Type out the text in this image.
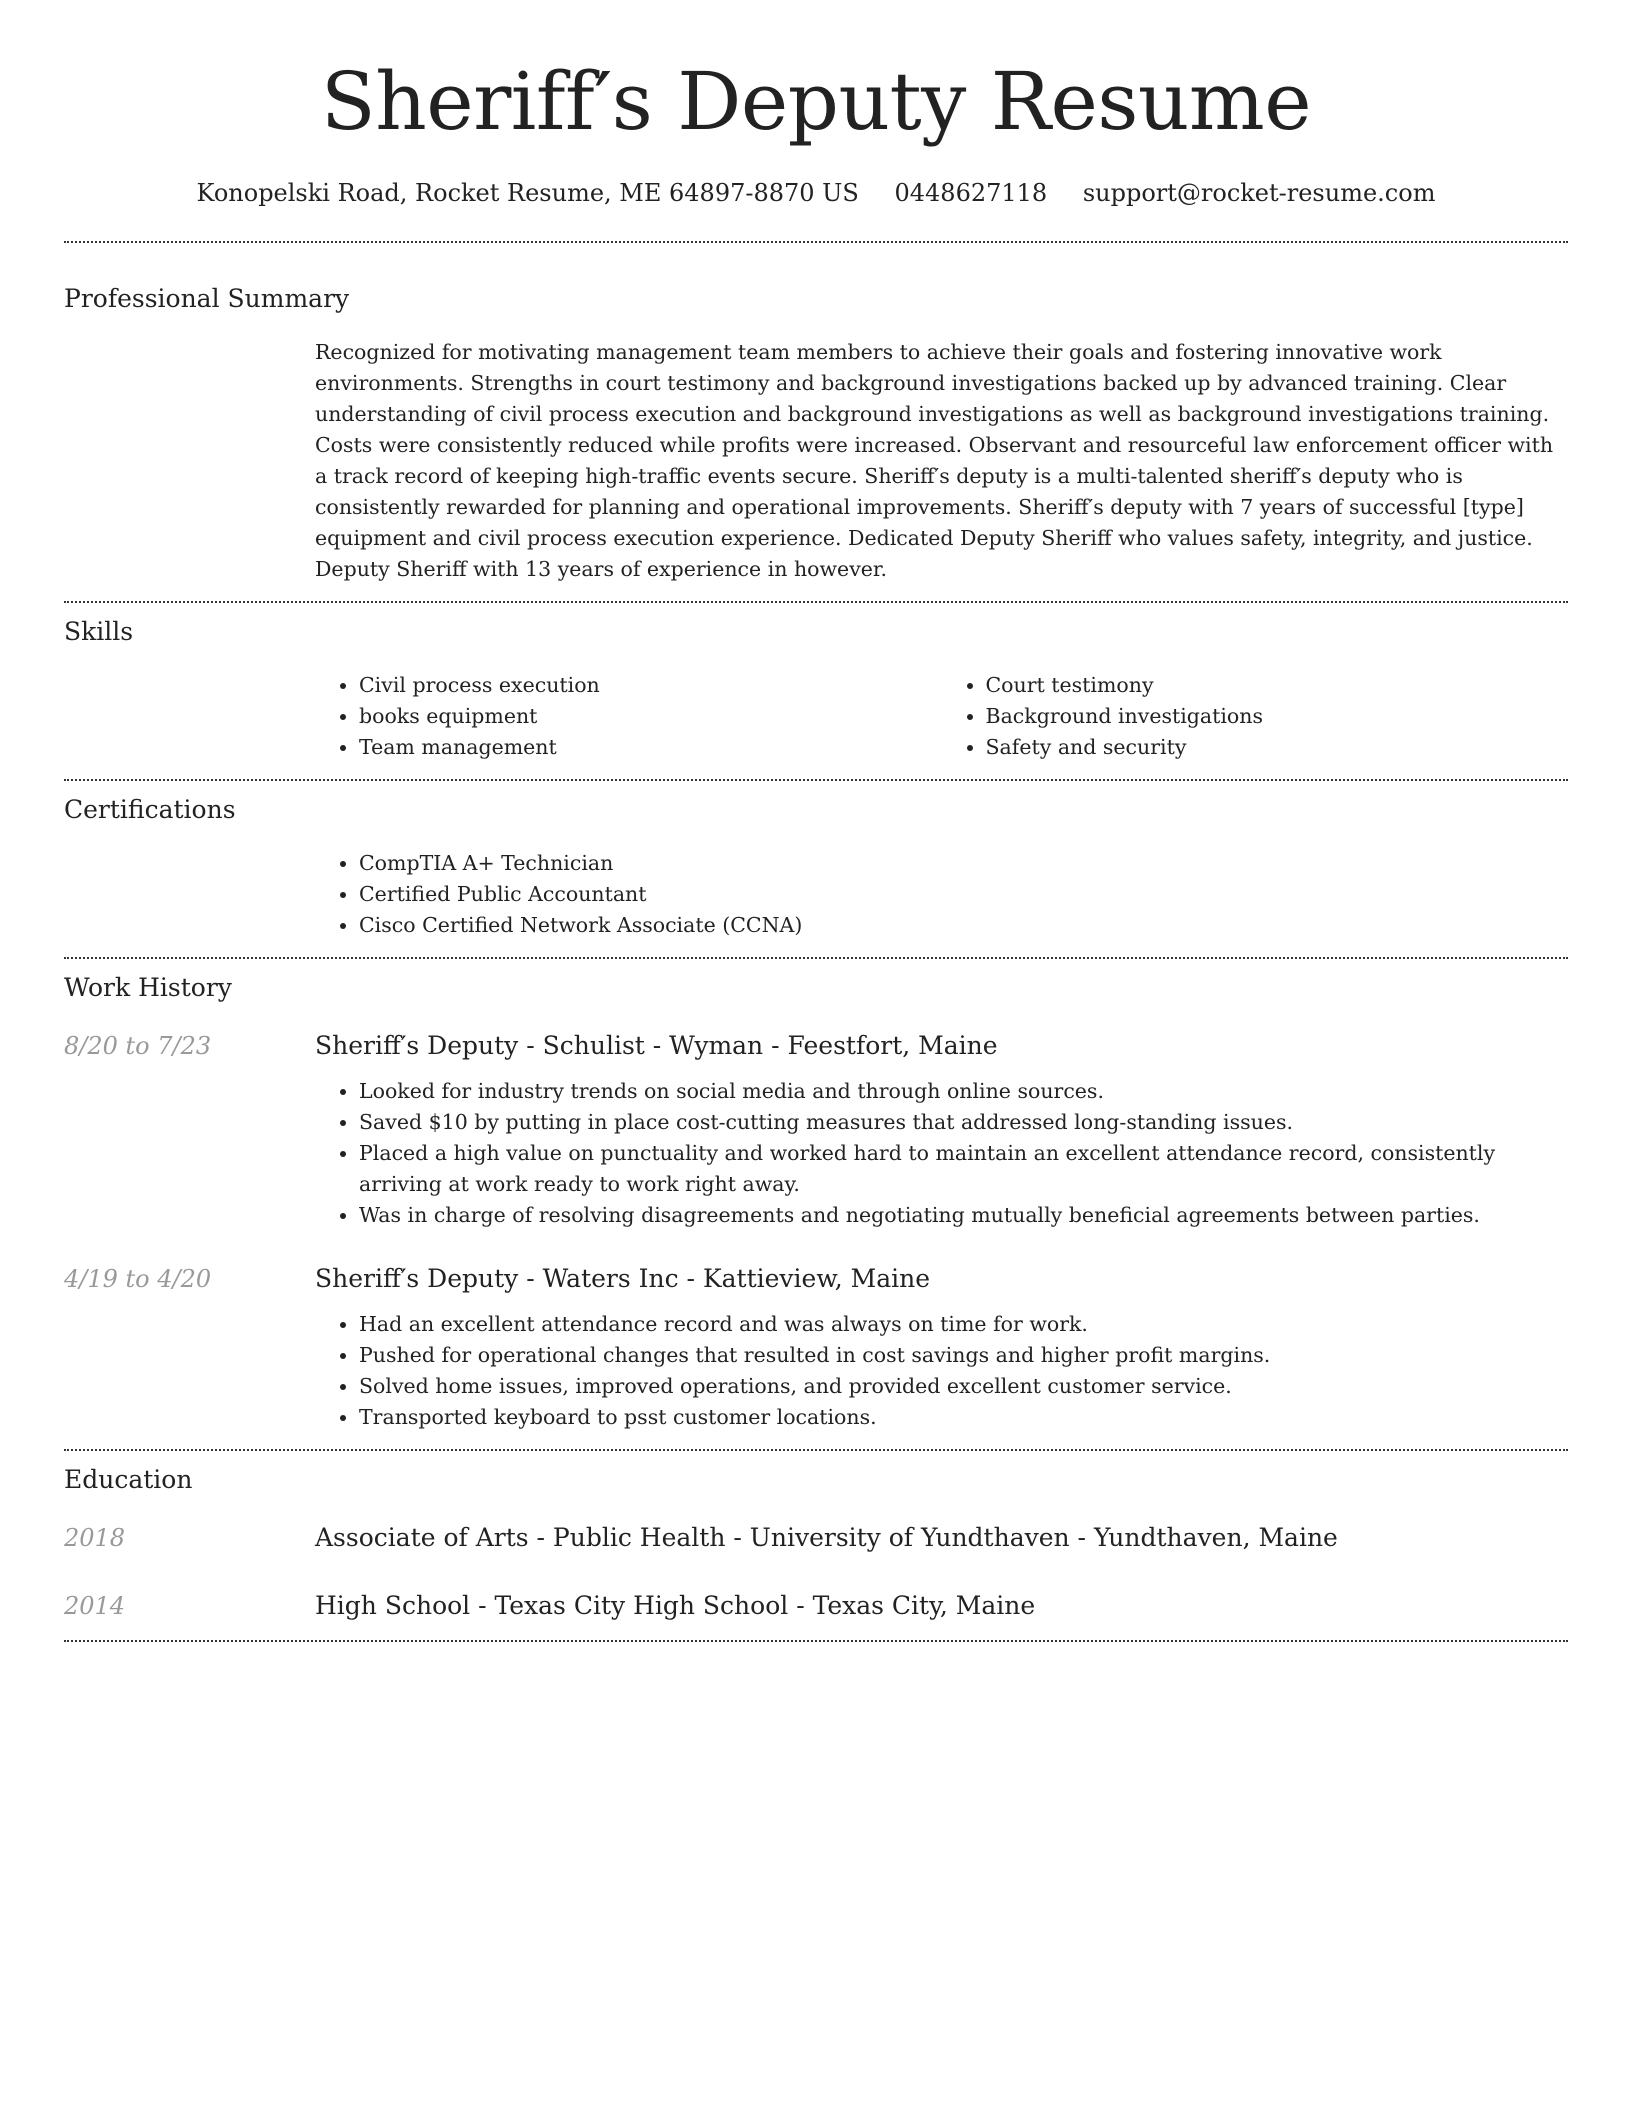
Sheriff′s Deputy Resume
Konopelski Road, Rocket Resume, ME 64897-8870 US 0448627118 support@rocket-resume.com
Professional Summary

Recognized for motivating management team members to achieve their goals and fostering innovative work environments. Strengths in court testimony and background investigations backed up by advanced training. Clear understanding of civil process execution and background investigations as well as background investigations training. Costs were consistently reduced while profits were increased. Observant and resourceful law enforcement officer with a track record of keeping high-traffic events secure. Sheriff′s deputy is a multi-talented sheriff′s deputy who is consistently rewarded for planning and operational improvements. Sheriff′s deputy with 7 years of successful [type] equipment and civil process execution experience. Dedicated Deputy Sheriff who values safety, integrity, and justice. Deputy Sheriff with 13 years of experience in however.

Skills
• Civil process execution
• books equipment
• Team management
• Court testimony
• Background investigations
• Safety and security
Certifications
• CompTIA A+ Technician
• Certified Public Accountant
• Cisco Certified Network Associate (CCNA)
Work History
8/20 to 7/23	Sheriff′s Deputy - Schulist - Wyman - Feestfort, Maine
• Looked for industry trends on social media and through online sources.
• Saved $10 by putting in place cost-cutting measures that addressed long-standing issues.
• Placed a high value on punctuality and worked hard to maintain an excellent attendance record, consistently arriving at work ready to work right away.
• Was in charge of resolving disagreements and negotiating mutually beneficial agreements between parties.
4/19 to 4/20	Sheriff′s Deputy - Waters Inc - Kattieview, Maine
• Had an excellent attendance record and was always on time for work.
• Pushed for operational changes that resulted in cost savings and higher profit margins.
• Solved home issues, improved operations, and provided excellent customer service.
• Transported keyboard to psst customer locations.
Education
2018	Associate of Arts - Public Health - University of Yundthaven - Yundthaven, Maine
2014	High School - Texas City High School - Texas City, Maine
